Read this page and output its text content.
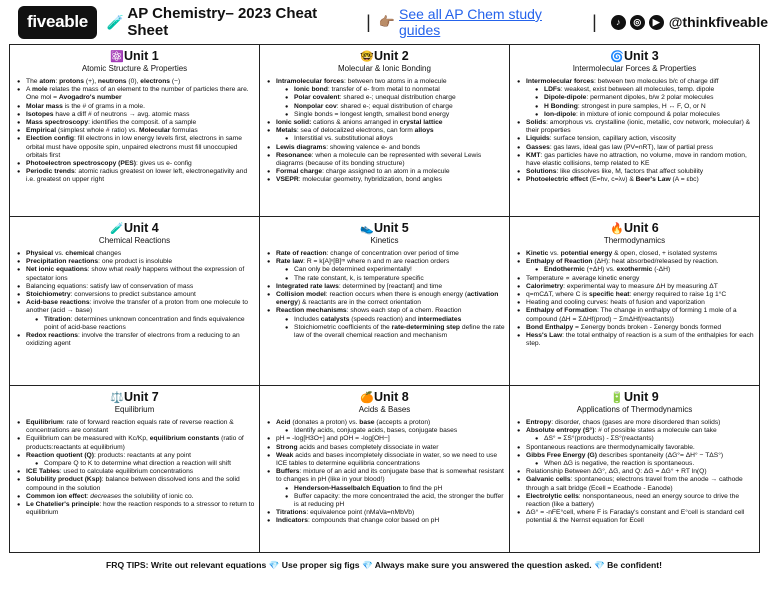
fiveable	🧪 AP Chemistry– 2023 Cheat Sheet	| 👉🏽 See all AP Chem study guides	|	♪	◎	▶ @thinkfiveable
⚛️Unit 1
Atomic Structure & Properties
● The atom: protons (+), neutrons (0), electrons (−)
● A mole relates the mass of an element to the number of particles there are. One mol = Avogadro's number
● Molar mass is the # of grams in a mole.
● Isotopes have a diff # of neutrons → avg. atomic mass
● Mass spectroscopy: identifies the composit. of a sample
● Empirical (simplest whole # ratio) vs. Molecular formulas
● Election config: fill electrons in low energy levels first, electrons in same orbital must have opposite spin, unpaired electrons must fill unoccupied orbitals first
● Photoelectron spectroscopy (PES): gives us e- config
● Periodic trends: atomic radius greatest on lower left, electronegativity and i.e. greatest on upper right
🤓Unit 2
Molecular & Ionic Bonding
● Intramolecular forces: between two atoms in a molecule
● Ionic bond: transfer of e- from metal to nonmetal
● Polar covalent: shared e-; unequal distribution charge
● Nonpolar cov: shared e-; equal distribution of charge
● Single bonds = longest length, smallest bond energy
● Ionic solid: cations & anions arranged in crystal lattice
● Metals: sea of delocalized electrons, can form alloys
● Interstitial vs. substitutional alloys
● Lewis diagrams: showing valence e- and bonds
● Resonance: when a molecule can be represented with several Lewis diagrams (because of its bonding structure)
● Formal charge: charge assigned to an atom in a molecule
● VSEPR: molecular geometry, hybridization, bond angles
🌀Unit 3
Intermolecular Forces & Properties
● Intermolecular forces: between two molecules b/c of charge diff
● LDFs: weakest, exist between all molecules, temp. dipole
● Dipole-dipole: permanent dipoles, b/w 2 polar molecules
● H Bonding: strongest in pure samples, H ↔ F, O, or N
● Ion-dipole: in mixture of ionic compound & polar molecules
● Solids: amorphous vs. crystalline (ionic, metallic, cov network, molecular) & their properties
● Liquids: surface tension, capillary action, viscosity
● Gasses: gas laws, ideal gas law (PV=nRT), law of partial press
● KMT: gas particles have no attraction, no volume, move in random motion, have elastic collisions, temp related to KE
● Solutions: like dissolves like, M, factors that affect solubility
● Photoelectric effect (E=hν, c=λν) & Beer's Law (A = εbc)
🧪Unit 4
Chemical Reactions
● Physical vs. chemical changes
● Precipitation reactions: one product is insoluble
● Net ionic equations: show what really happens without the expression of spectator ions
● Balancing equations: satisfy law of conservation of mass
● Stoichiometry: conversions to predict substance amount
● Acid-base reactions: involve the transfer of a proton from one molecule to another (acid → base)
● Titration: determines unknown concentration and finds equivalence point of acid-base reactions
● Redox reactions: involve the transfer of electrons from a reducing to an oxidizing agent
👟Unit 5
Kinetics
● Rate of reaction: change of concentration over period of time
● Rate law: R = k[A]ⁿ[B]ᵐ where n and m are reaction orders
● Can only be determined experimentally!
● The rate constant, k, is temperature specific
● Integrated rate laws: determined by [reactant] and time
● Collision model: reaction occurs when there is enough energy (activation energy) & reactants are in the correct orientation
● Reaction mechanisms: shows each step of a chem. Reaction
● Includes catalysts (speeds reaction) and intermediates
● Stoichiometric coefficients of the rate-determining step define the rate law of the overall chemical reaction and mechanism
🔥Unit 6
Thermodynamics
● Kinetic vs. potential energy & open, closed, + isolated systems
● Enthalpy of Reaction (ΔH): heat absorbed/released by reaction.
● Endothermic (+ΔH) vs. exothermic (-ΔH)
● Temperature ∝ average kinetic energy
● Calorimetry: experimental way to measure ΔH by measuring ΔT
● q=mCΔT, where C is specific heat: energy required to raise 1g 1°C
● Heating and cooling curves: heats of fusion and vaporization
● Enthalpy of Formation: The change in enthalpy of forming 1 mole of a compound (ΔH = ΣΔHf(prod) − ΣmΔHf(reactants))
● Bond Enthalpy = Σenergy bonds broken - Σenergy bonds formed
● Hess's Law: the total enthalpy of reaction is a sum of the enthalpies for each step.
⚖️Unit 7
Equilibrium
● Equilibrium: rate of forward reaction equals rate of reverse reaction & concentrations are constant
● Equilibrium can be measured with Kc/Kp, equilibrium constants (ratio of products:reactants at equilibrium)
● Reaction quotient (Q): products: reactants at any point
● Compare Q to K to determine what direction a reaction will shift
● ICE Tables: used to calculate equilibrium concentrations
● Solubility product (Ksp): balance between dissolved ions and the solid compound in the solution
● Common ion effect: decreases the solubility of ionic co.
● Le Chatelier's principle: how the reaction responds to a stressor to return to equilibrium
🍊Unit 8
Acids & Bases
● Acid (donates a proton) vs. base (accepts a proton)
● Identify acids, conjugate acids, bases, conjugate bases
● pH = -log[H3O+] and pOH = -log[OH−]
● Strong acids and bases completely dissociate in water
● Weak acids and bases incompletely dissociate in water, so we need to use ICE tables to determine equilibria concentrations
● Buffers: mixture of an acid and its conjugate base that is somewhat resistant to changes in pH (like in your blood!)
● Henderson-Hasselbalch Equation to find the pH
● Buffer capacity: the more concentrated the acid, the stronger the buffer is at reducing pH
● Titrations: equivalence point (nMaVa=nMbVb)
● Indicators: compounds that change color based on pH
🔋Unit 9
Applications of Thermodynamics
● Entropy: disorder, chaos (gases are more disordered than solids)
● Absolute entropy (S°): # of possible states a molecule can take
● ΔS° = ΣS°(products) - ΣS°(reactants)
● Spontaneous reactions are thermodynamically favorable.
● Gibbs Free Energy (G) describes spontaneity (ΔG°= ΔH° − TΔS°)
● When ΔG is negative, the reaction is spontaneous.
● Relationship Between ΔG°, ΔG, and Q: ΔG = ΔG° + RT ln(Q)
● Galvanic cells: spontaneous; electrons travel from the anode → cathode through a salt bridge (Ecell = Ecathode - Eanode)
● Electrolytic cells: nonspontaneous, need an energy source to drive the reaction (like a battery)
● ΔG° = -nFE°cell, where F is Faraday's constant and E°cell is standard cell potential & the Nernst equation for Ecell
FRQ TIPS: Write out relevant equations 💎 Use proper sig figs 💎 Always make sure you answered the question asked. 💎 Be confident!
